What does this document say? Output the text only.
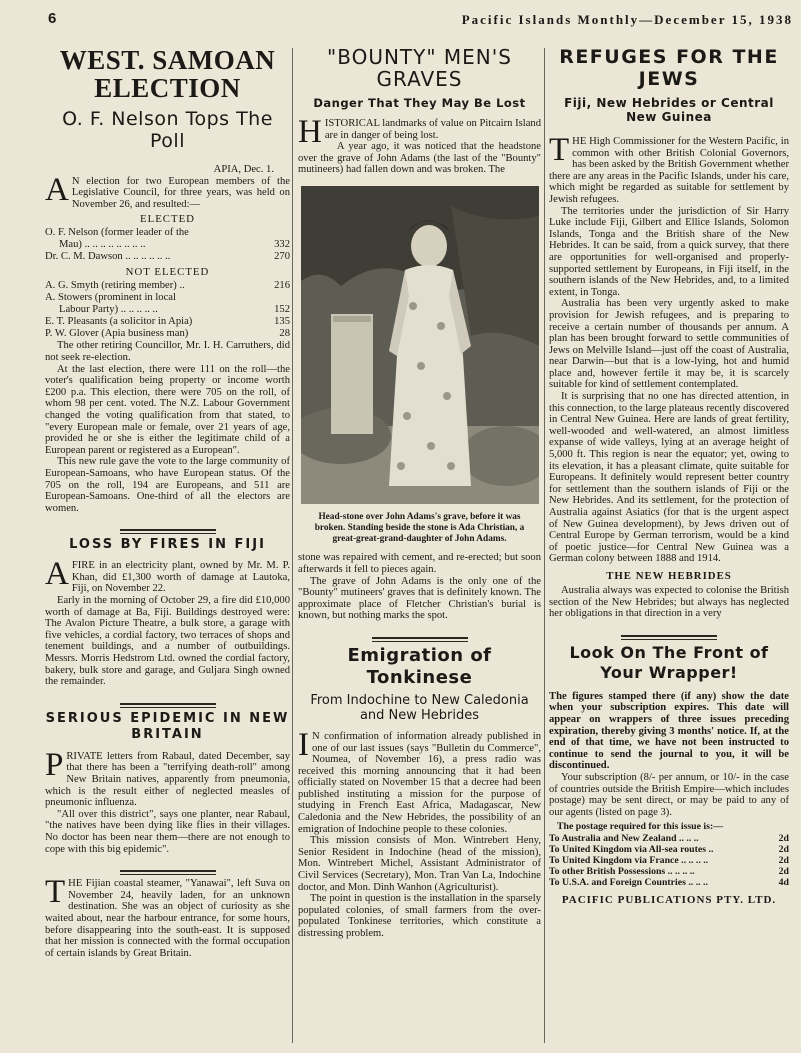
6	Pacific Islands Monthly—December 15, 1938
WEST. SAMOAN ELECTION
O. F. Nelson Tops The Poll

APIA, Dec. 1.

A N election for two European members of the Legislative Council, for three years, was held on November 26, and resulted:—

ELECTED
O. F. Nelson (former leader of the
Mau) .. .. .. .. .. .. .. ..	332
Dr. C. M. Dawson .. .. .. .. .. ..	270
NOT ELECTED
A. G. Smyth (retiring member) ..	216
A. Stowers (prominent in local
Labour Party) .. .. .. .. ..	152
E. T. Pleasants (a solicitor in Apia)	135
P. W. Glover (Apia business man)	28

The other retiring Councillor, Mr. I. H. Carruthers, did not seek re-election.

At the last election, there were 111 on the roll—the voter's qualification being property or income worth £200 p.a. This election, there were 705 on the roll, of whom 98 per cent. voted. The N.Z. Labour Government changed the voting qualification from that stated, to "every European male or female, over 21 years of age, provided he or she is either the legitimate child of a European parent or registered as a European".

This new rule gave the vote to the large community of European-Samoans, who have European status. Of the 705 on the roll, 194 are Europeans, and 511 are European-Samoans. One-third of all the electors are women.

LOSS BY FIRES IN FIJI

AFIRE in an electricity plant, owned by Mr. M. P. Khan, did £1,300 worth of damage at Lautoka, Fiji, on November 22.

Early in the morning of October 29, a fire did £10,000 worth of damage at Ba, Fiji. Buildings destroyed were: The Avalon Picture Theatre, a bulk store, a garage with five vehicles, a cordial factory, two terraces of shops and tenement buildings, and a number of outbuildings. Messrs. Morris Hedstrom Ltd. owned the cordial factory, bakery, bulk store and garage, and Guljara Singh owned the remainder.

SERIOUS EPIDEMIC IN NEW BRITAIN

PRIVATE letters from Rabaul, dated December, say that there has been a "terrifying death-roll" among New Britain natives, apparently from pneumonia, which is the result either of neglected measles of pneumonic influenza.

"All over this district", says one planter, near Rabaul, "the natives have been dying like flies in their villages. No doctor has been near them—there are not enough to cope with this big epidemic".

THE Fijian coastal steamer, "Yanawai", left Suva on November 24, heavily laden, for an unknown destination. She was an object of curiosity as she waited about, near the harbour entrance, for some hours, before disappearing into the south-east. It is supposed that her mission is connected with the formal occupation of certain islands by Great Britain.

"BOUNTY" MEN'S GRAVES
Danger That They May Be Lost

HISTORICAL landmarks of value on Pitcairn Island are in danger of being lost.

A year ago, it was noticed that the headstone over the grave of John Adams (the last of the "Bounty" mutineers) had fallen down and was broken. The

Head-stone over John Adams's grave, before it was broken. Standing beside the stone is Ada Christian, a great-great-grand-daughter of John Adams.

stone was repaired with cement, and re-erected; but soon afterwards it fell to pieces again.

The grave of John Adams is the only one of the "Bounty" mutineers' graves that is definitely known. The approximate place of Fletcher Christian's burial is known, but nothing marks the spot.

Emigration of Tonkinese
From Indochine to New Caledonia and New Hebrides

I N confirmation of information already published in one of our last issues (says "Bulletin du Commerce", Noumea, of November 16), a press radio was received this morning announcing that it had been officially stated on November 15 that a decree had been published instituting a mission for the purpose of studying in French East Africa, Madagascar, New Caledonia and the New Hebrides, the possibility of an emigration of Indochine people to these colonies.

This mission consists of Mon. Wintrebert Heny, Senior Resident in Indochine (head of the mission), Mon. Wintrebert Michel, Assistant Administrator of Civil Services (Secretary), Mon. Tran Van La, Indochine doctor, and Mon. Dinh Wanhon (Agriculturist).

The point in question is the installation in the sparsely populated colonies, of small farmers from the over-populated Tonkinese territories, which constitute a distressing problem.

REFUGES FOR THE JEWS
Fiji, New Hebrides or Central New Guinea

THE High Commissioner for the Western Pacific, in common with other British Colonial Governors, has been asked by the British Government whether there are any areas in the Pacific Islands, under his care, which might be regarded as suitable for settlement by Jewish refugees.

The territories under the jurisdiction of Sir Harry Luke include Fiji, Gilbert and Ellice Islands, Solomon Islands, Tonga and the British share of the New Hebrides. It can be said, from a quick survey, that there are opportunities for well-organised and properly-supported settlement by Europeans, in Fiji itself, in the southern islands of the New Hebrides, and, to a limited extent, in Tonga.

Australia has been very urgently asked to make provision for Jewish refugees, and is preparing to receive a certain number of thousands per annum. A plan has been brought forward to settle communities of Jews on Melville Island—just off the coast of Australia, near Darwin—but that is a low-lying, hot and humid place and, however fertile it may be, it is scarcely suitable for kind of settlement contemplated.

It is surprising that no one has directed attention, in this connection, to the large plateaus recently discovered in Central New Guinea. Here are lands of great fertility, well-wooded and well-watered, an almost limitless expanse of wide valleys, lying at an average height of 5,000 ft. This region is near the equator; yet, owing to its elevation, it has a pleasant climate, quite suitable for Europeans. It definitely would represent better country for settlement than the southern islands of Fiji or the New Hebrides. And its settlement, for the protection of Australia against Asiatics (for that is the urgent aspect of New Guinea development), by Jews driven out of Central Europe by German terrorism, would be a kind of poetic justice—for Central New Guinea was a German colony between 1888 and 1914.

THE NEW HEBRIDES

Australia always was expected to colonise the British section of the New Hebrides; but always has neglected her obligations in that direction in a very

Look On The Front of Your Wrapper!

The figures stamped there (if any) show the date when your subscription expires. This date will appear on wrappers of three issues preceding expiration, thereby giving 3 months' notice. If, at the end of that time, we have not been instructed to continue to send the journal to you, it will be discontinued.

Your subscription (8/- per annum, or 10/- in the case of countries outside the British Empire—which includes postage) may be sent direct, or may be paid to any of our agents (listed on page 3).

The postage required for this issue is:—
To Australia and New Zealand .. .. ..	2d
To United Kingdom via All-sea routes ..	2d
To United Kingdom via France .. .. .. ..	2d
To other British Possessions .. .. .. ..	2d
To U.S.A. and Foreign Countries .. .. ..	4d
PACIFIC PUBLICATIONS PTY. LTD.
